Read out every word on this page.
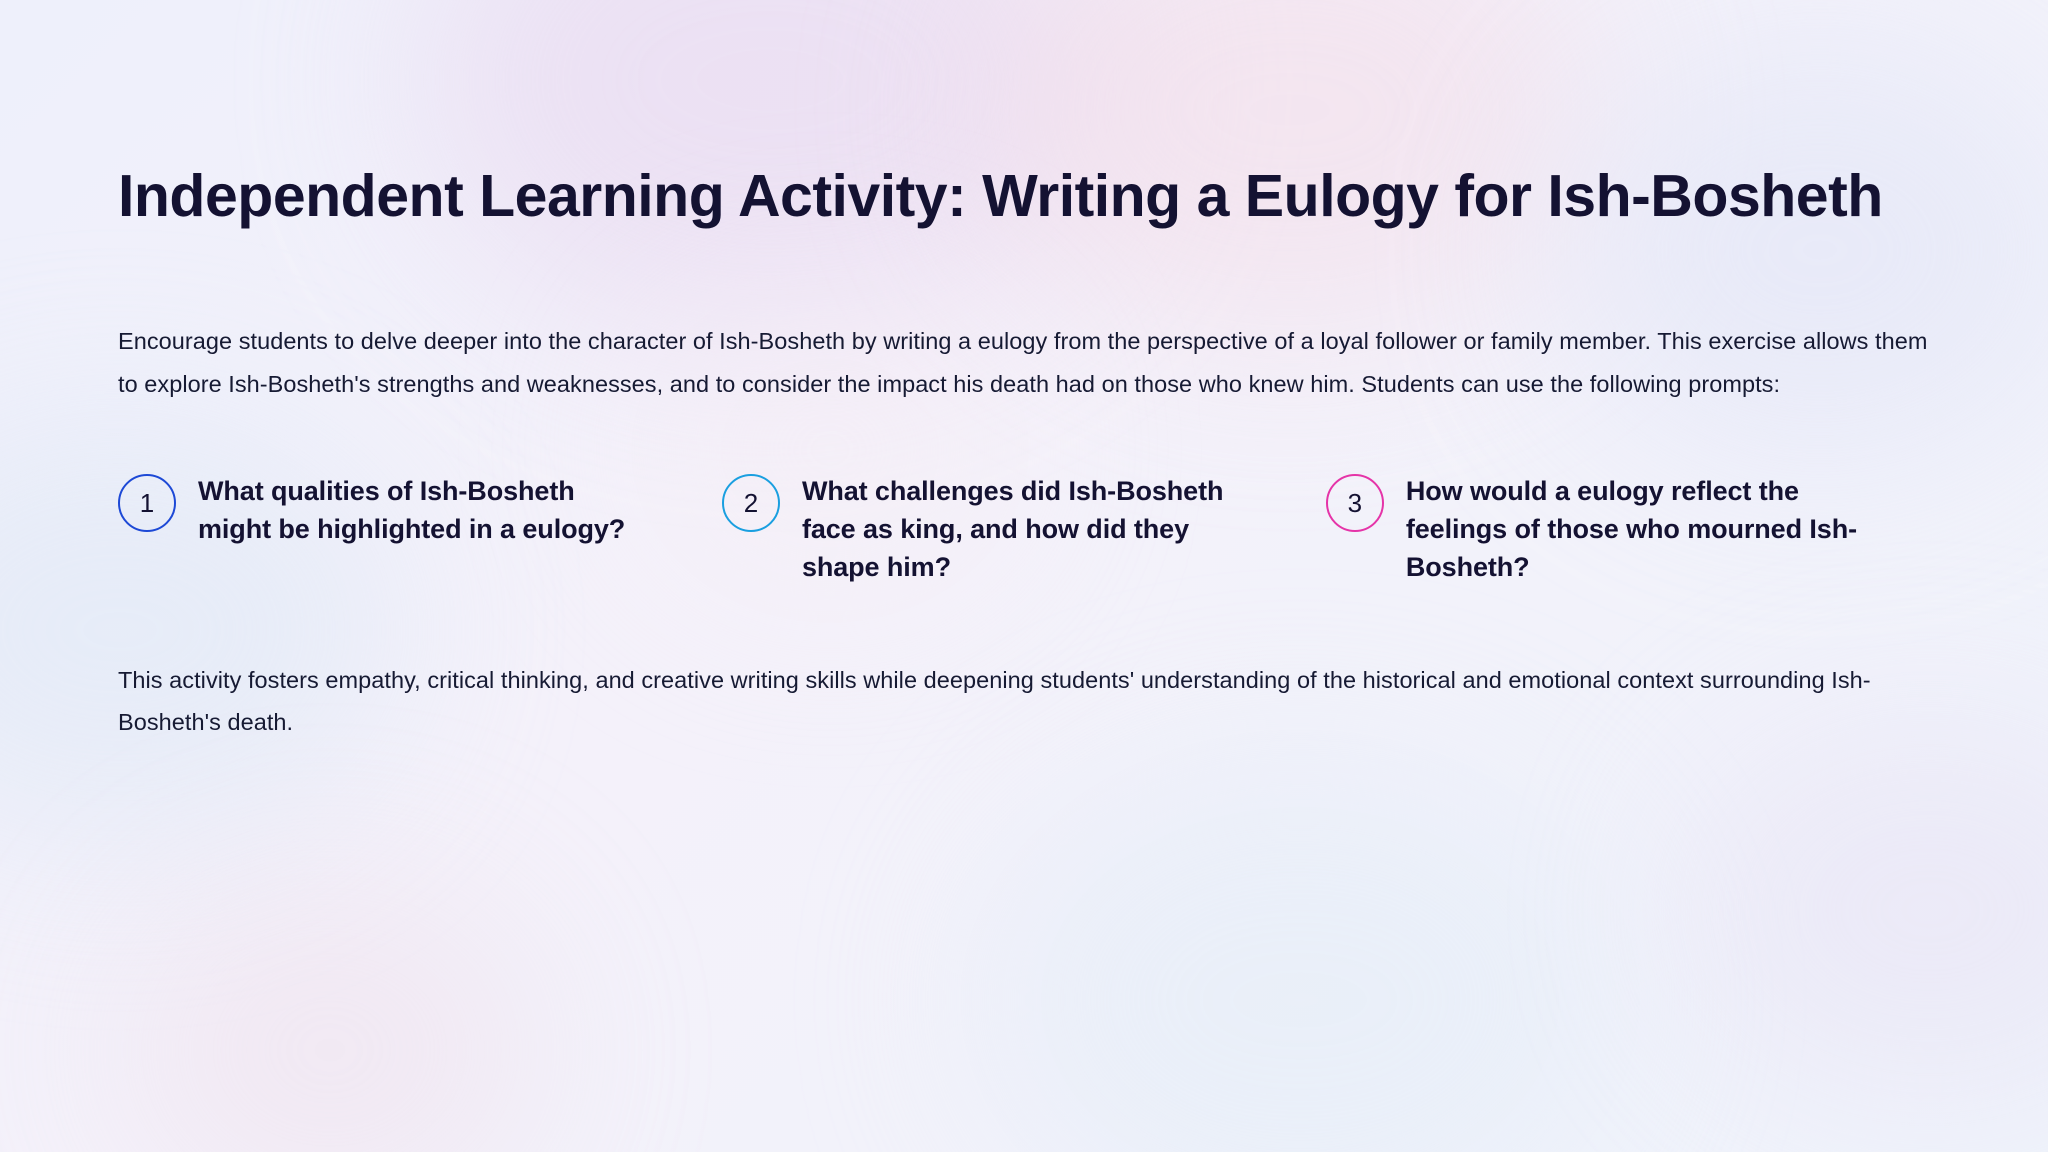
Independent Learning Activity: Writing a Eulogy for Ish-Bosheth

Encourage students to delve deeper into the character of Ish-Bosheth by writing a eulogy from the perspective of a loyal follower or family member. This exercise allows them to explore Ish-Bosheth's strengths and weaknesses, and to consider the impact his death had on those who knew him. Students can use the following prompts:

1	What qualities of Ish-Bosheth might be highlighted in a eulogy?
2	What challenges did Ish-Bosheth face as king, and how did they shape him?
3	How would a eulogy reflect the feelings of those who mourned Ish-Bosheth?

This activity fosters empathy, critical thinking, and creative writing skills while deepening students' understanding of the historical and emotional context surrounding Ish-Bosheth's death.
